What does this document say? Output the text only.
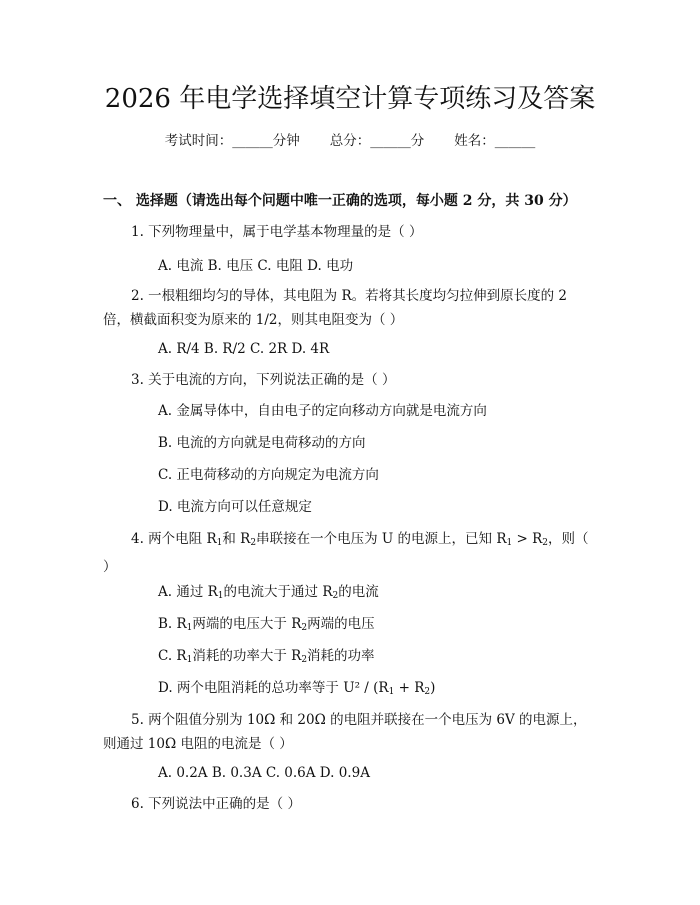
2026 年电学选择填空计算专项练习及答案
考试时间：______分钟 总分：______分 姓名：______
一、 选择题（请选出每个问题中唯一正确的选项，每小题 2 分，共 30 分）
1. 下列物理量中，属于电学基本物理量的是（ ）
A. 电流 B. 电压 C. 电阻 D. 电功
2. 一根粗细均匀的导体，其电阻为 R。若将其长度均匀拉伸到原长度的 2 倍，横截面积变为原来的 1/2，则其电阻变为（ ）
A. R/4 B. R/2 C. 2R D. 4R
3. 关于电流的方向，下列说法正确的是（ ）
A. 金属导体中，自由电子的定向移动方向就是电流方向
B. 电流的方向就是电荷移动的方向
C. 正电荷移动的方向规定为电流方向
D. 电流方向可以任意规定
4. 两个电阻 $R_1$和 $R_2$串联接在一个电压为 U 的电源上，已知 $R_1 > R_2$，则（ ）
A. 通过 $R_1$的电流大于通过 $R_2$的电流
B. $R_1$两端的电压大于 $R_2$两端的电压
C. $R_1$消耗的功率大于 $R_2$消耗的功率
D. 两个电阻消耗的总功率等于 $U^2 / (R_1 + R_2)$
5. 两个阻值分别为 10Ω 和 20Ω 的电阻并联接在一个电压为 6V 的电源上，则通过 10Ω 电阻的电流是（ ）
A. 0.2A B. 0.3A C. 0.6A D. 0.9A
6. 下列说法中正确的是（ ）
